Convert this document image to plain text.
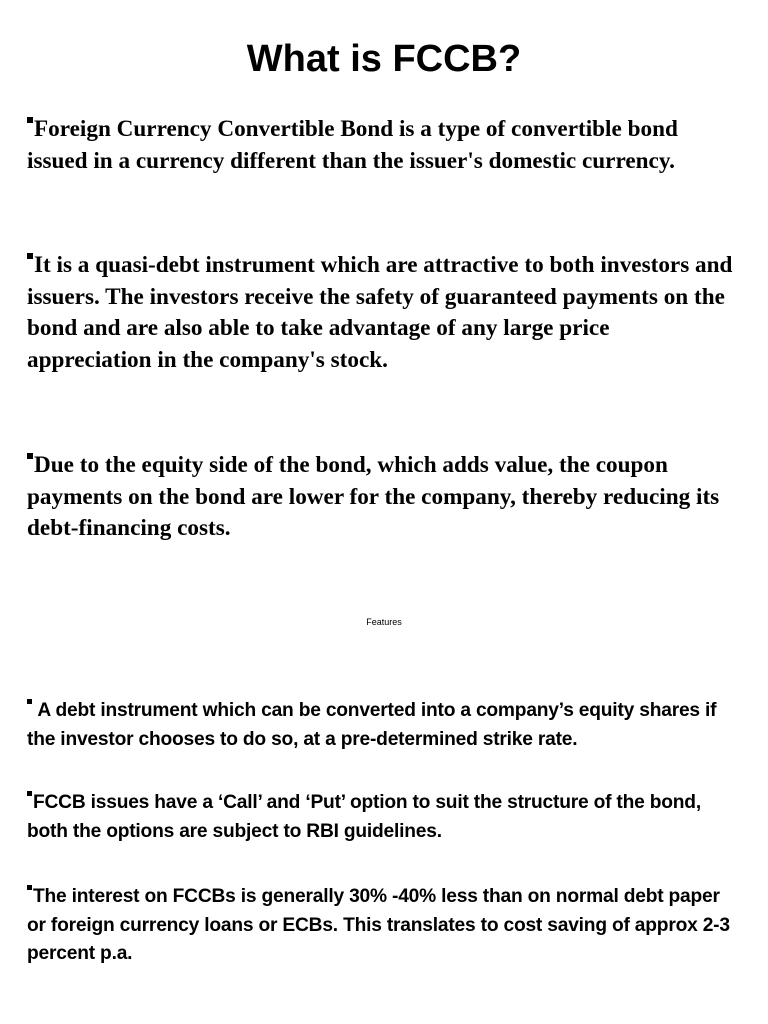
What is FCCB?

Foreign Currency Convertible Bond is a type of convertible bond issued in a currency different than the issuer's domestic currency.

It is a quasi-debt instrument which are attractive to both investors and issuers. The investors receive the safety of guaranteed payments on the bond and are also able to take advantage of any large price appreciation in the company's stock.

Due to the equity side of the bond, which adds value, the coupon payments on the bond are lower for the company, thereby reducing its debt-financing costs.

Features

A debt instrument which can be converted into a company’s equity shares if the investor chooses to do so, at a pre-determined strike rate.

FCCB issues have a ‘Call’ and ‘Put’ option to suit the structure of the bond, both the options are subject to RBI guidelines.

The interest on FCCBs is generally 30% -40% less than on normal debt paper or foreign currency loans or ECBs. This translates to cost saving of approx 2-3 percent p.a.
